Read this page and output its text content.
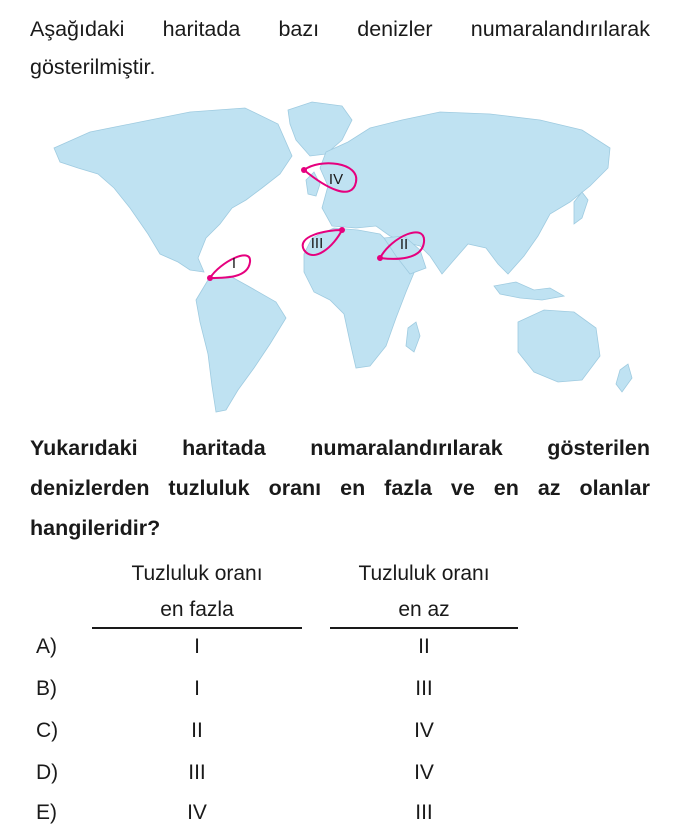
Aşağıdaki haritada bazı denizler numaralandırılarak gösterilmiştir.
I
II
III
IV
Yukarıdaki haritada numaralandırılarak gösterilen denizlerden tuzluluk oranı en fazla ve en az olanlar hangileridir?
Tuzluluk oranı
en fazla
Tuzluluk oranı
en az
A)	I	II
B)	I	III
C)	II	IV
D)	III	IV
E)	IV	III
